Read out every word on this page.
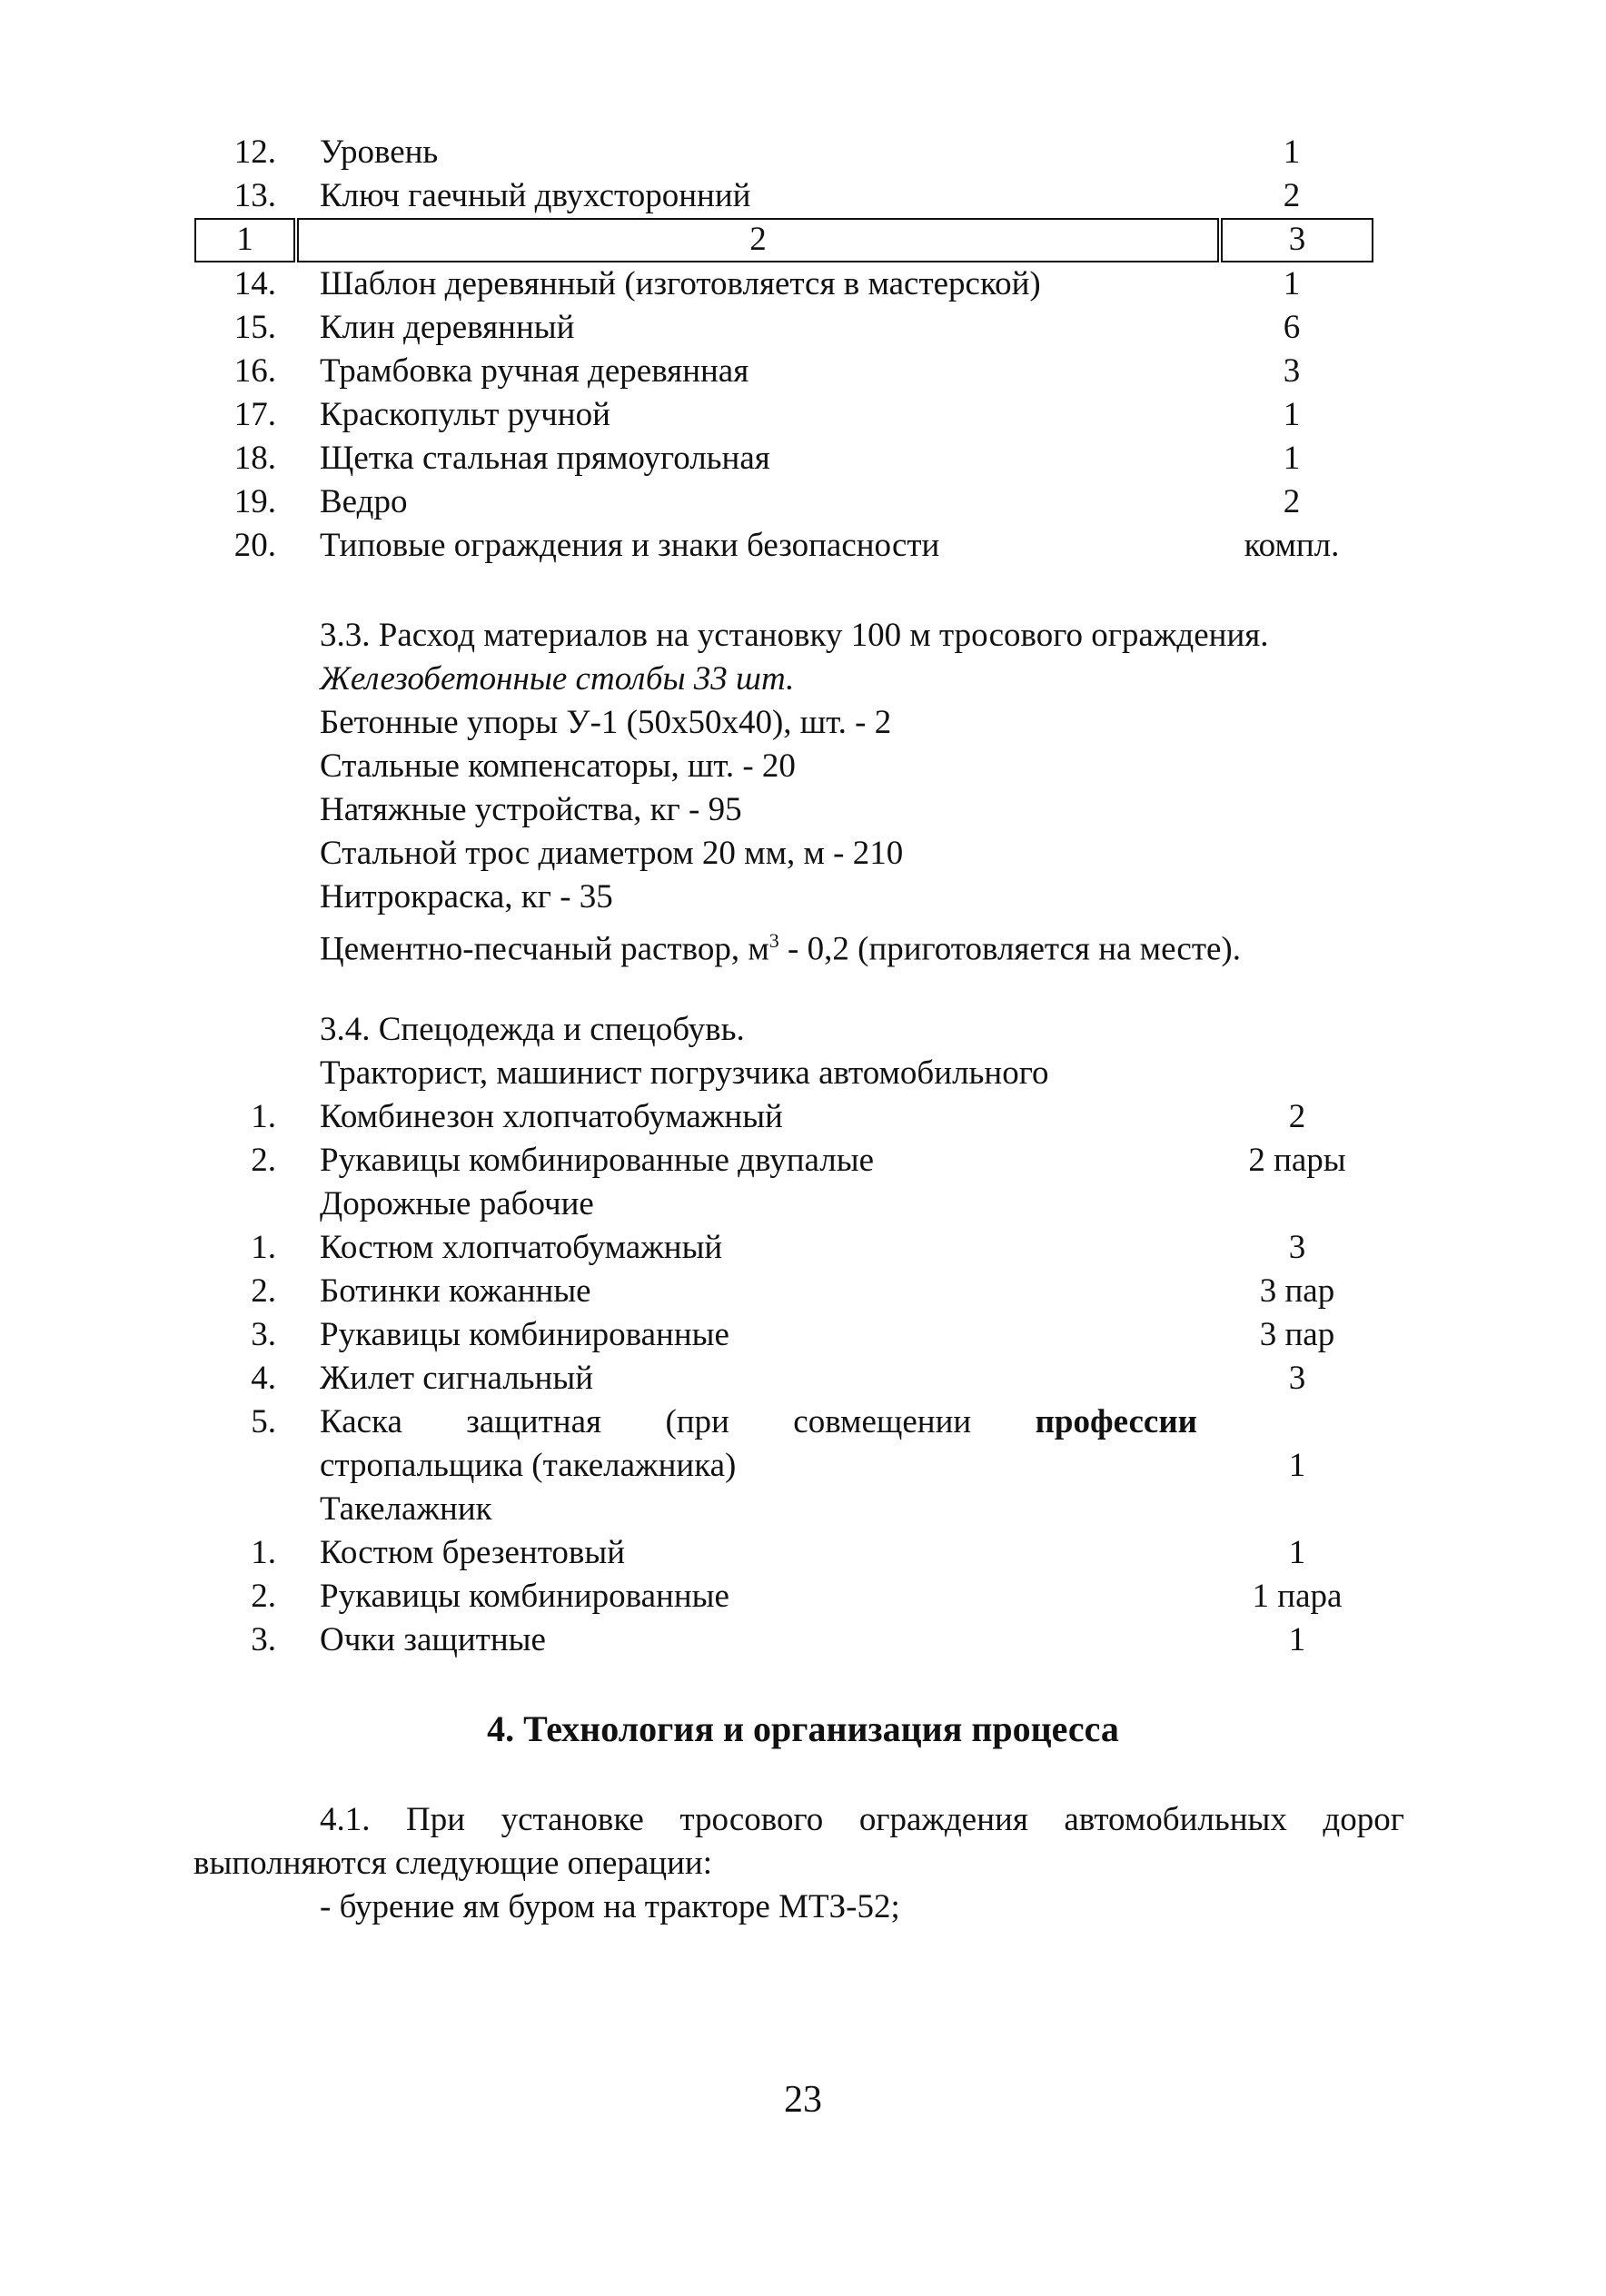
12. Уровень	1
13. Ключ гаечный двухсторонний	2
1	2	3
14. Шаблон деревянный (изготовляется в мастерской)	1
15. Клин деревянный	6
16. Трамбовка ручная деревянная	3
17. Краскопульт ручной	1
18. Щетка стальная прямоугольная	1
19. Ведро	2
20. Типовые ограждения и знаки безопасности	компл.
3.3. Расход материалов на установку 100 м тросового ограждения.
Железобетонные столбы 33 шт.
Бетонные упоры У-1 (50х50х40), шт. - 2
Стальные компенсаторы, шт. - 20
Натяжные устройства, кг - 95
Стальной трос диаметром 20 мм, м - 210
Нитрокраска, кг - 35
Цементно-песчаный раствор, $м^3 - 0,2$ (приготовляется на месте).
3.4. Спецодежда и спецобувь.
Тракторист, машинист погрузчика автомобильного
1. Комбинезон хлопчатобумажный	2
2. Рукавицы комбинированные двупалые	2 пары
Дорожные рабочие
1. Костюм хлопчатобумажный	3
2. Ботинки кожанные	3 пар
3. Рукавицы комбинированные	3 пар
4. Жилет сигнальный	3
5. Каска защитная (при совмещении профессии
стропальщика (такелажника)	1
Такелажник
1. Костюм брезентовый	1
2. Рукавицы комбинированные	1 пара
3. Очки защитные	1
4. Технология и организация процесса
4.1. При установке тросового ограждения автомобильных дорог
выполняются следующие операции:
- бурение ям буром на тракторе МТЗ-52;
23
